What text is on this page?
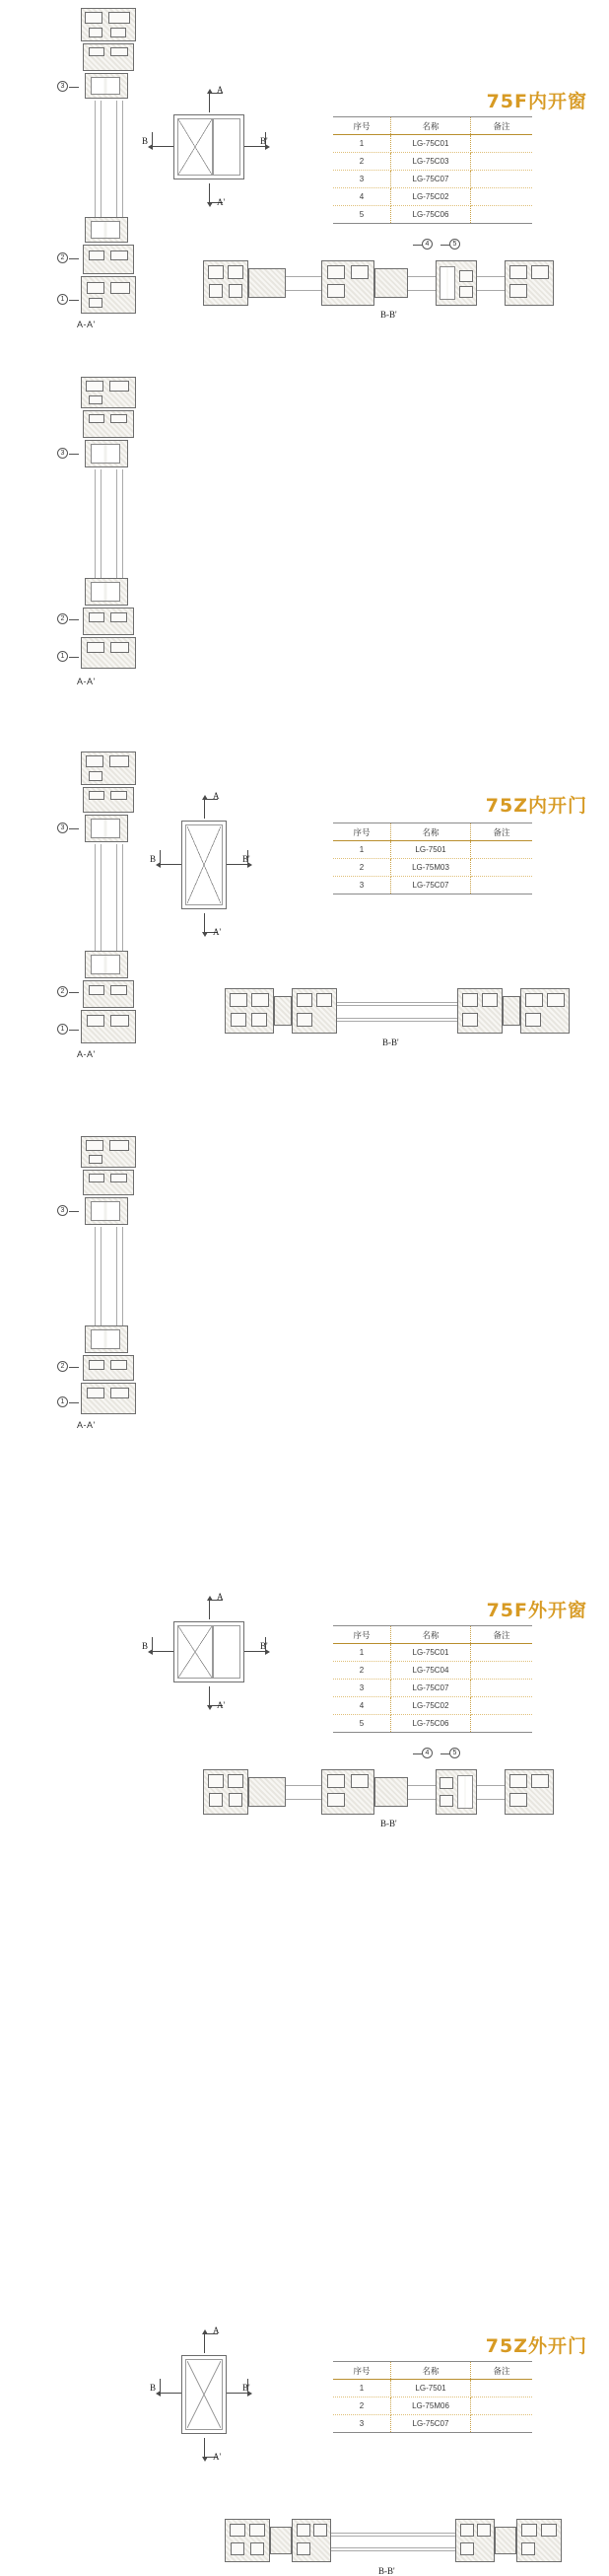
3
2
1
A-A'
A
A'
B	B'
75F内开窗
序号	名称	备注
1	LG-75C01	
2	LG-75C03	
3	LG-75C07	
4	LG-75C02	
5	LG-75C06	
4	5
B-B'
3
2
1
A-A'
A
A'
B	B'
75Z内开门
序号	名称	备注
1	LG-7501	
2	LG-75M03	
3	LG-75C07	
B-B'
3
2
1
A-A'
A
A'
B	B'
75F外开窗
序号	名称	备注
1	LG-75C01	
2	LG-75C04	
3	LG-75C07	
4	LG-75C02	
5	LG-75C06	
4	5
B-B'
3
2
1
A-A'
A
A'
B	B'
75Z外开门
序号	名称	备注
1	LG-7501	
2	LG-75M06	
3	LG-75C07	
B-B'
